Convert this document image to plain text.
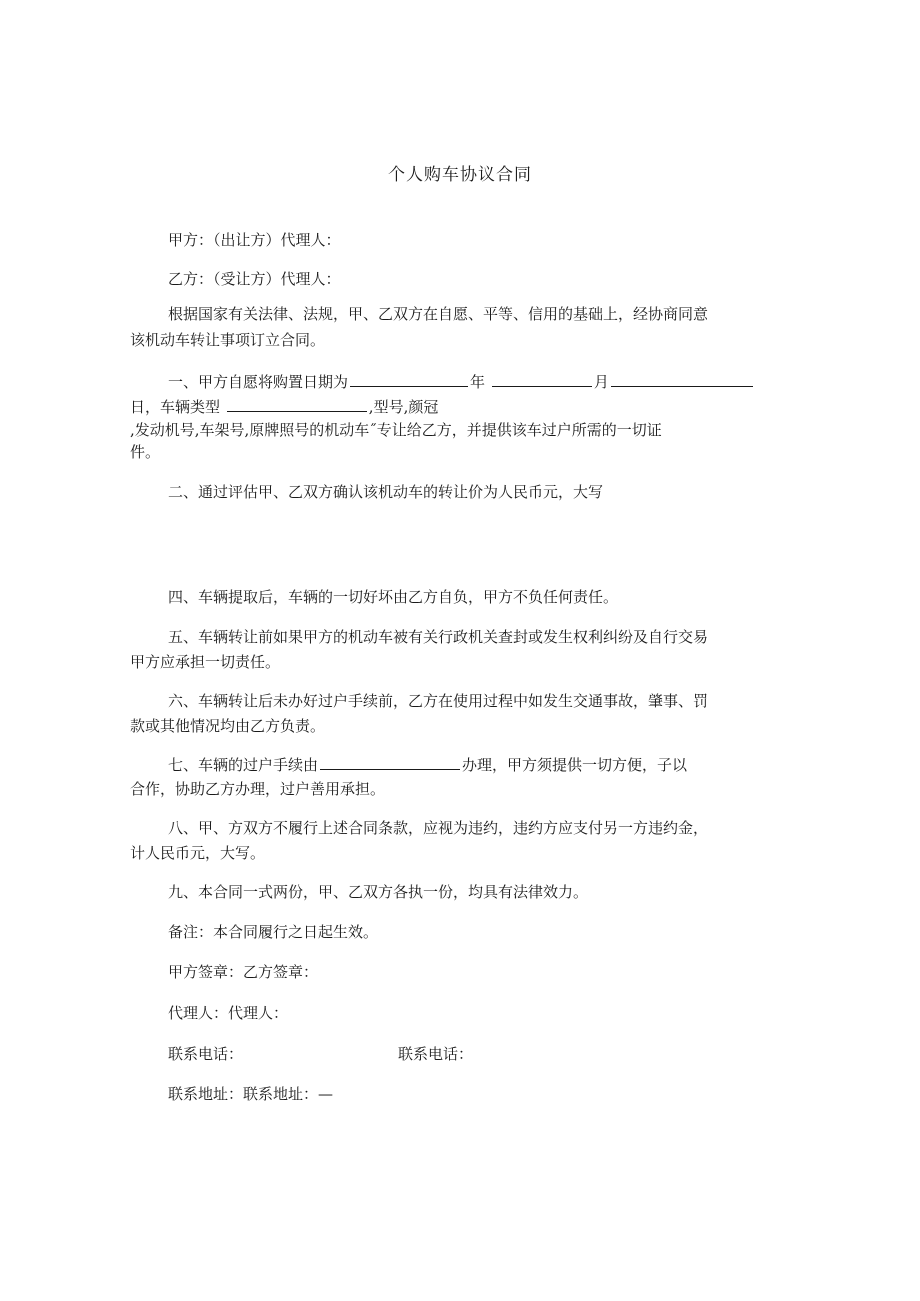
个人购车协议合同
甲方：（出让方）代理人：
乙方：（受让方）代理人：
根据国家有关法律、法规，甲、乙双方在自愿、平等、信用的基础上，经协商同意
该机动车转让事项订立合同。
一、甲方自愿将购置日期为	年	月
日，车辆类型	,型号,颜冠
,发动机号,车架号,原牌照号的机动车˝专让给乙方，并提供该车过户所需的一切证
件。
二、通过评估甲、乙双方确认该机动车的转让价为人民币元，大写
四、车辆提取后，车辆的一切好坏由乙方自负，甲方不负任何责任。
五、车辆转让前如果甲方的机动车被有关行政机关查封或发生权利纠纷及自行交易
甲方应承担一切责任。
六、车辆转让后未办好过户手续前，乙方在使用过程中如发生交通事故，肇事、罚
款或其他情况均由乙方负责。
七、车辆的过户手续由	办理，甲方须提供一切方便，子以
合作，协助乙方办理，过户善用承担。
八、甲、方双方不履行上述合同条款，应视为违约，违约方应支付另一方违约金，
计人民币元，大写。
九、本合同一式两份，甲、乙双方各执一份，均具有法律效力。
备注：本合同履行之日起生效。
甲方签章：乙方签章：
代理人：代理人：
联系电话：	联系电话：
联系地址：联系地址：—
